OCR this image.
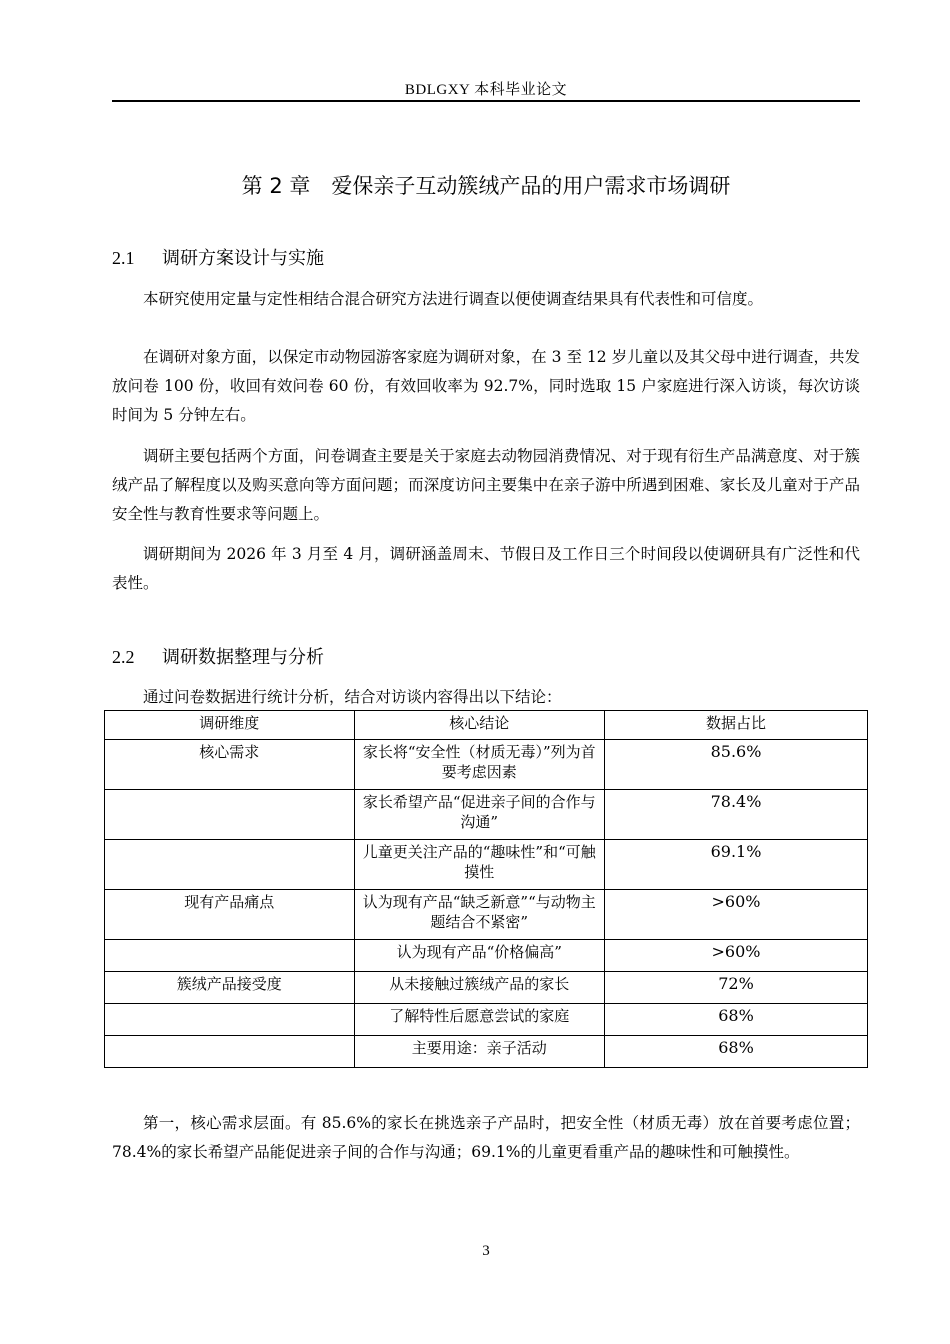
BDLGXY 本科毕业论文
第 2 章　爱保亲子互动簇绒产品的用户需求市场调研
2.1 调研方案设计与实施
本研究使用定量与定性相结合混合研究方法进行调查以便使调查结果具有代表性和可信度。
在调研对象方面，以保定市动物园游客家庭为调研对象，在 3 至 12 岁儿童以及其父母中进行调查，共发放问卷 100 份，收回有效问卷 60 份，有效回收率为 92.7%，同时选取 15 户家庭进行深入访谈，每次访谈时间为 5 分钟左右。
调研主要包括两个方面，问卷调查主要是关于家庭去动物园消费情况、对于现有衍生产品满意度、对于簇绒产品了解程度以及购买意向等方面问题；而深度访问主要集中在亲子游中所遇到困难、家长及儿童对于产品安全性与教育性要求等问题上。
调研期间为 2026 年 3 月至 4 月，调研涵盖周末、节假日及工作日三个时间段以使调研具有广泛性和代表性。
2.2 调研数据整理与分析
通过问卷数据进行统计分析，结合对访谈内容得出以下结论：
调研维度	核心结论	数据占比
核心需求	家长将“安全性（材质无毒）”列为首要考虑因素	85.6%
	家长希望产品“促进亲子间的合作与沟通”	78.4%
	儿童更关注产品的“趣味性”和“可触摸性	69.1%
现有产品痛点	认为现有产品“缺乏新意”“与动物主题结合不紧密”	>60%
	认为现有产品“价格偏高”	>60%
簇绒产品接受度	从未接触过簇绒产品的家长	72%
	了解特性后愿意尝试的家庭	68%
	主要用途：亲子活动	68%
第一，核心需求层面。有 85.6%的家长在挑选亲子产品时，把安全性（材质无毒）放在首要考虑位置；78.4%的家长希望产品能促进亲子间的合作与沟通；69.1%的儿童更看重产品的趣味性和可触摸性。
3
